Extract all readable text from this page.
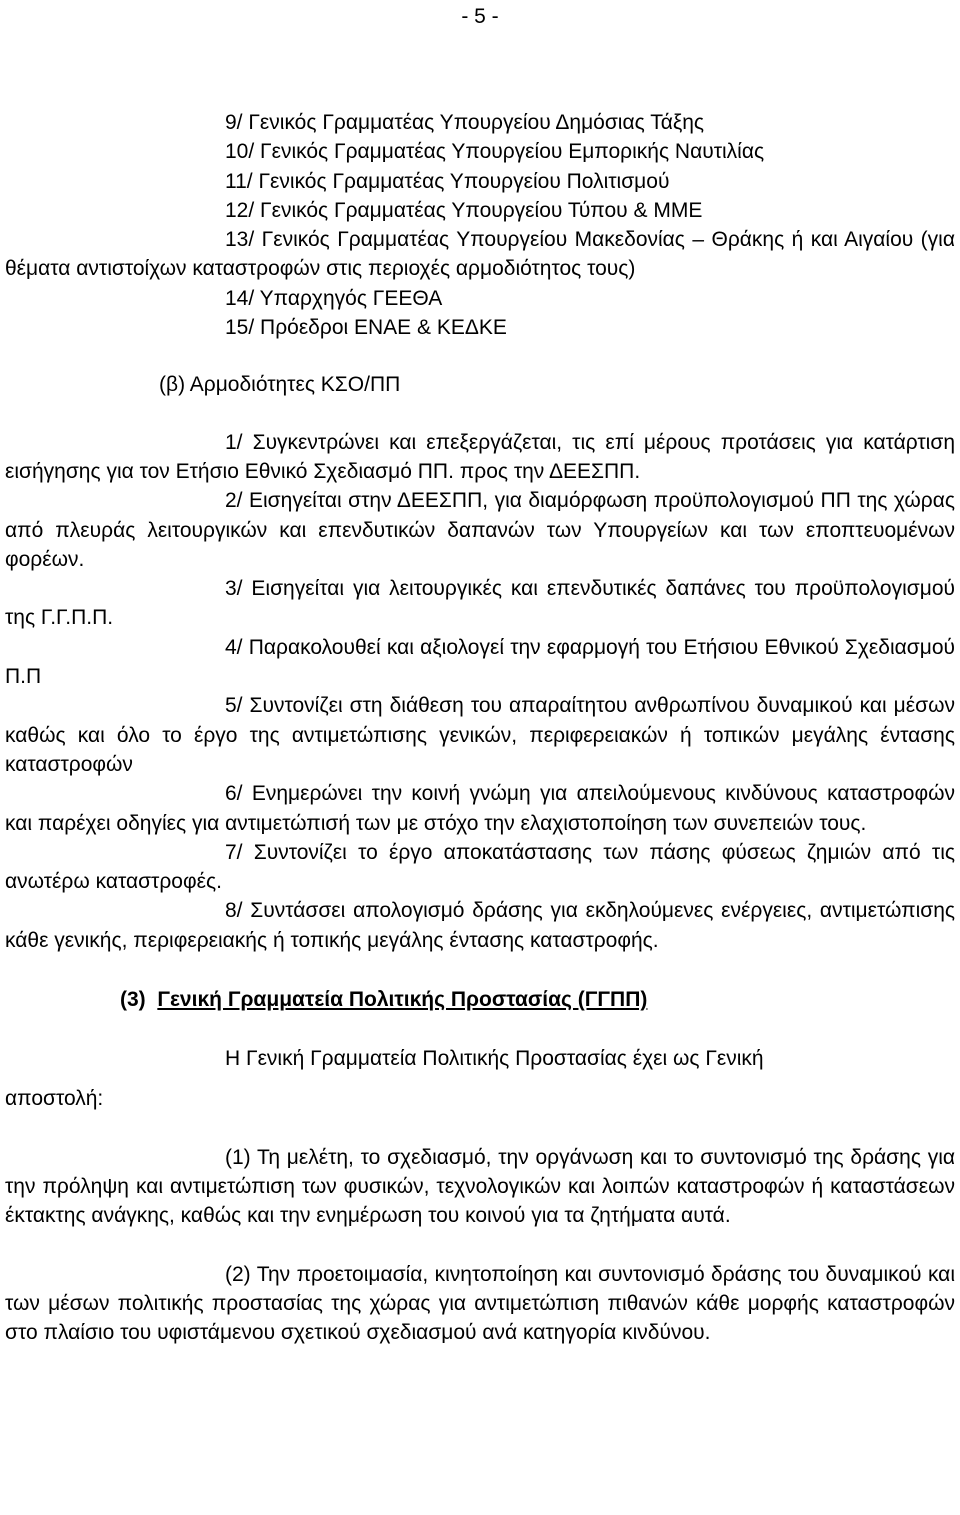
- 5 -

9/ Γενικός Γραμματέας Υπουργείου Δημόσιας Τάξης

10/ Γενικός Γραμματέας Υπουργείου Εμπορικής Ναυτιλίας

11/ Γενικός Γραμματέας Υπουργείου Πολιτισμού

12/ Γενικός Γραμματέας Υπουργείου Τύπου & ΜΜΕ

13/ Γενικός Γραμματέας Υπουργείου Μακεδονίας – Θράκης ή και Αιγαίου (για θέματα αντιστοίχων καταστροφών στις περιοχές αρμοδιότητος τους)

14/ Υπαρχηγός ΓΕΕΘΑ

15/ Πρόεδροι ΕΝΑΕ & ΚΕΔΚΕ

(β) Αρμοδιότητες ΚΣΟ/ΠΠ

1/ Συγκεντρώνει και επεξεργάζεται, τις επί μέρους προτάσεις για κατάρτιση εισήγησης για τον Ετήσιο Εθνικό Σχεδιασμό ΠΠ. προς την ΔΕΕΣΠΠ.

2/ Εισηγείται στην ΔΕΕΣΠΠ, για διαμόρφωση προϋπολογισμού ΠΠ της χώρας από πλευράς λειτουργικών και επενδυτικών δαπανών των Υπουργείων και των εποπτευομένων φορέων.

3/ Εισηγείται για λειτουργικές και επενδυτικές δαπάνες του προϋπολογισμού της Γ.Γ.Π.Π.

4/ Παρακολουθεί και αξιολογεί την εφαρμογή του Ετήσιου Εθνικού Σχεδιασμού Π.Π

5/ Συντονίζει στη διάθεση του απαραίτητου ανθρωπίνου δυναμικού και μέσων καθώς και όλο το έργο της αντιμετώπισης γενικών, περιφερειακών ή τοπικών μεγάλης έντασης καταστροφών

6/ Ενημερώνει την κοινή γνώμη για απειλούμενους κινδύνους καταστροφών και παρέχει οδηγίες για αντιμετώπισή των με στόχο την ελαχιστοποίηση των συνεπειών τους.

7/ Συντονίζει το έργο αποκατάστασης των πάσης φύσεως ζημιών από τις ανωτέρω καταστροφές.

8/ Συντάσσει απολογισμό δράσης για εκδηλούμενες ενέργειες, αντιμετώπισης κάθε γενικής, περιφερειακής ή τοπικής μεγάλης έντασης καταστροφής.

(3) Γενική Γραμματεία Πολιτικής Προστασίας (ΓΓΠΠ)

Η Γενική Γραμματεία Πολιτικής Προστασίας έχει ως Γενική

αποστολή:

(1) Τη μελέτη, το σχεδιασμό, την οργάνωση και το συντονισμό της δράσης για την πρόληψη και αντιμετώπιση των φυσικών, τεχνολογικών και λοιπών καταστροφών ή καταστάσεων έκτακτης ανάγκης, καθώς και την ενημέρωση του κοινού για τα ζητήματα αυτά.

(2) Την προετοιμασία, κινητοποίηση και συντονισμό δράσης του δυναμικού και των μέσων πολιτικής προστασίας της χώρας για αντιμετώπιση πιθανών κάθε μορφής καταστροφών στο πλαίσιο του υφιστάμενου σχετικού σχεδιασμού ανά κατηγορία κινδύνου.
